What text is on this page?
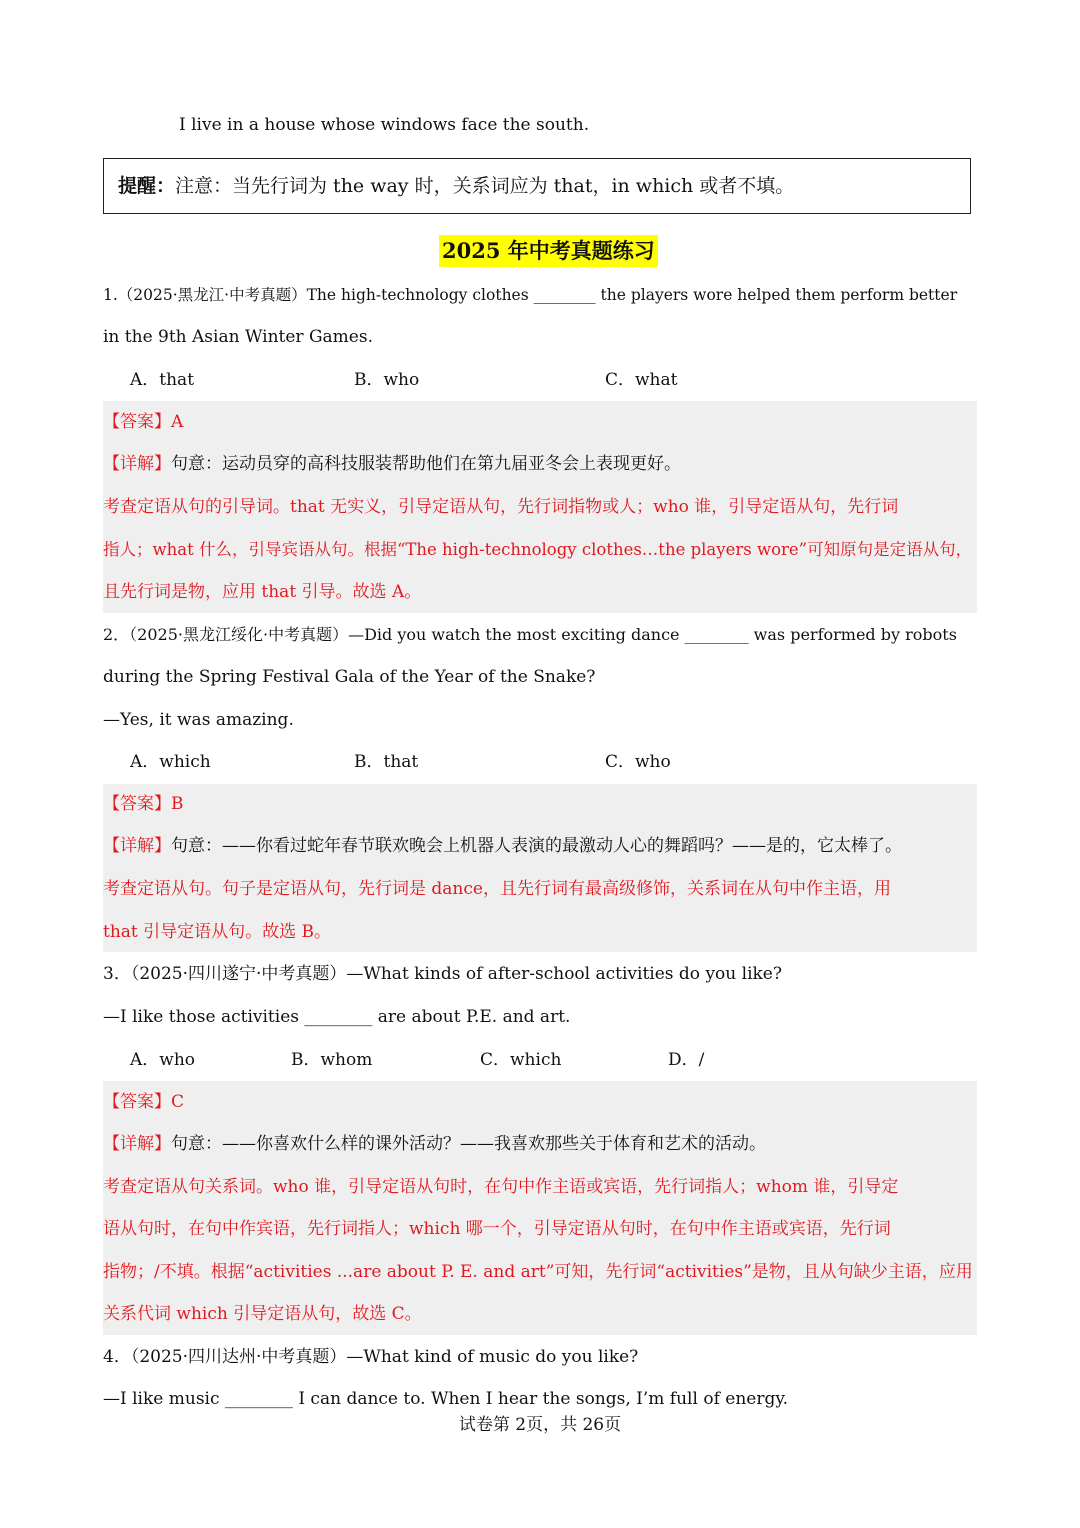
I live in a house whose windows face the south.
提醒：注意：当先行词为 the way 时，关系词应为 that，in which 或者不填。
2025 年中考真题练习
1.（2025·黑龙江·中考真题）The high-technology clothes ________ the players wore helped them perform better
in the 9th Asian Winter Games.
A．that	B．who	C．what
【答案】A
【详解】句意：运动员穿的高科技服装帮助他们在第九届亚冬会上表现更好。
考查定语从句的引导词。that 无实义，引导定语从句，先行词指物或人；who 谁，引导定语从句，先行词
指人；what 什么，引导宾语从句。根据“The high-technology clothes…the players wore”可知原句是定语从句，
且先行词是物，应用 that 引导。故选 A。
2．（2025·黑龙江绥化·中考真题）—Did you watch the most exciting dance ________ was performed by robots
during the Spring Festival Gala of the Year of the Snake?
—Yes, it was amazing.
A．which	B．that	C．who
【答案】B
【详解】句意：——你看过蛇年春节联欢晚会上机器人表演的最激动人心的舞蹈吗？——是的，它太棒了。
考查定语从句。句子是定语从句，先行词是 dance，且先行词有最高级修饰，关系词在从句中作主语，用
that 引导定语从句。故选 B。
3．（2025·四川遂宁·中考真题）—What kinds of after-school activities do you like?
—I like those activities ________ are about P.E. and art.
A．who	B．whom	C．which	D．/
【答案】C
【详解】句意：——你喜欢什么样的课外活动？——我喜欢那些关于体育和艺术的活动。
考查定语从句关系词。who 谁，引导定语从句时，在句中作主语或宾语，先行词指人；whom 谁，引导定
语从句时，在句中作宾语，先行词指人；which 哪一个，引导定语从句时，在句中作主语或宾语，先行词
指物；/不填。根据“activities ...are about P. E. and art”可知，先行词“activities”是物，且从句缺少主语，应用
关系代词 which 引导定语从句，故选 C。
4．（2025·四川达州·中考真题）—What kind of music do you like?
—I like music ________ I can dance to. When I hear the songs, I’m full of energy.
试卷第 2页，共 26页
